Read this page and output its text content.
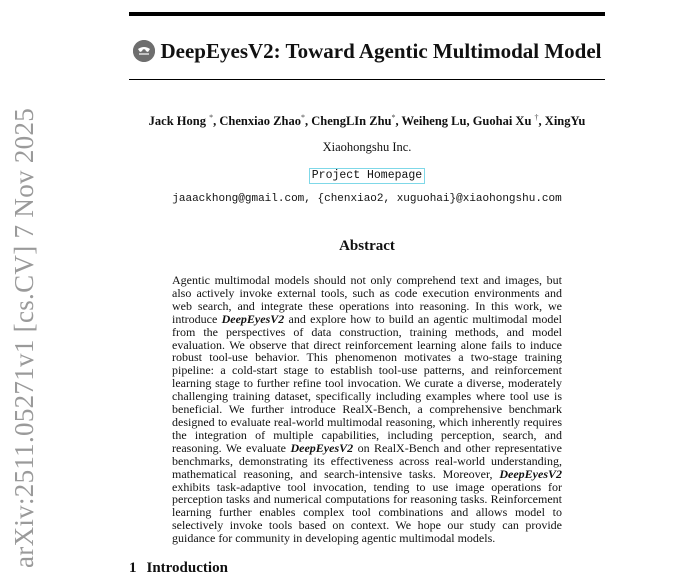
arXiv:2511.05271v1 [cs.CV] 7 Nov 2025
DeepEyesV2: Toward Agentic Multimodal Model
Jack Hong *, Chenxiao Zhao*, ChengLIn Zhu*, Weiheng Lu, Guohai Xu †, XingYu
Xiaohongshu Inc.
Project Homepage
jaaackhong@gmail.com, {chenxiao2, xuguohai}@xiaohongshu.com
Abstract
Agentic multimodal models should not only comprehend text and images, but also actively invoke external tools, such as code execution environments and web search, and integrate these operations into reasoning. In this work, we introduce DeepEyesV2 and explore how to build an agentic multimodal model from the perspectives of data construction, training methods, and model evaluation. We observe that direct reinforcement learning alone fails to induce robust tool-use behavior. This phenomenon motivates a two-stage training pipeline: a cold-start stage to establish tool-use patterns, and reinforcement learning stage to further refine tool invocation. We curate a diverse, moderately challenging training dataset, specifically including examples where tool use is beneficial. We further introduce RealX-Bench, a comprehensive benchmark designed to evaluate real-world multimodal reasoning, which inherently requires the integration of multiple capabilities, including perception, search, and reasoning. We evaluate DeepEyesV2 on RealX-Bench and other representative benchmarks, demonstrating its effectiveness across real-world understanding, mathematical reasoning, and search-intensive tasks. Moreover, DeepEyesV2 exhibits task-adaptive tool invocation, tending to use image operations for perception tasks and numerical computations for reasoning tasks. Reinforcement learning further enables complex tool combinations and allows model to selectively invoke tools based on context. We hope our study can provide guidance for community in developing agentic multimodal models.
1 Introduction
